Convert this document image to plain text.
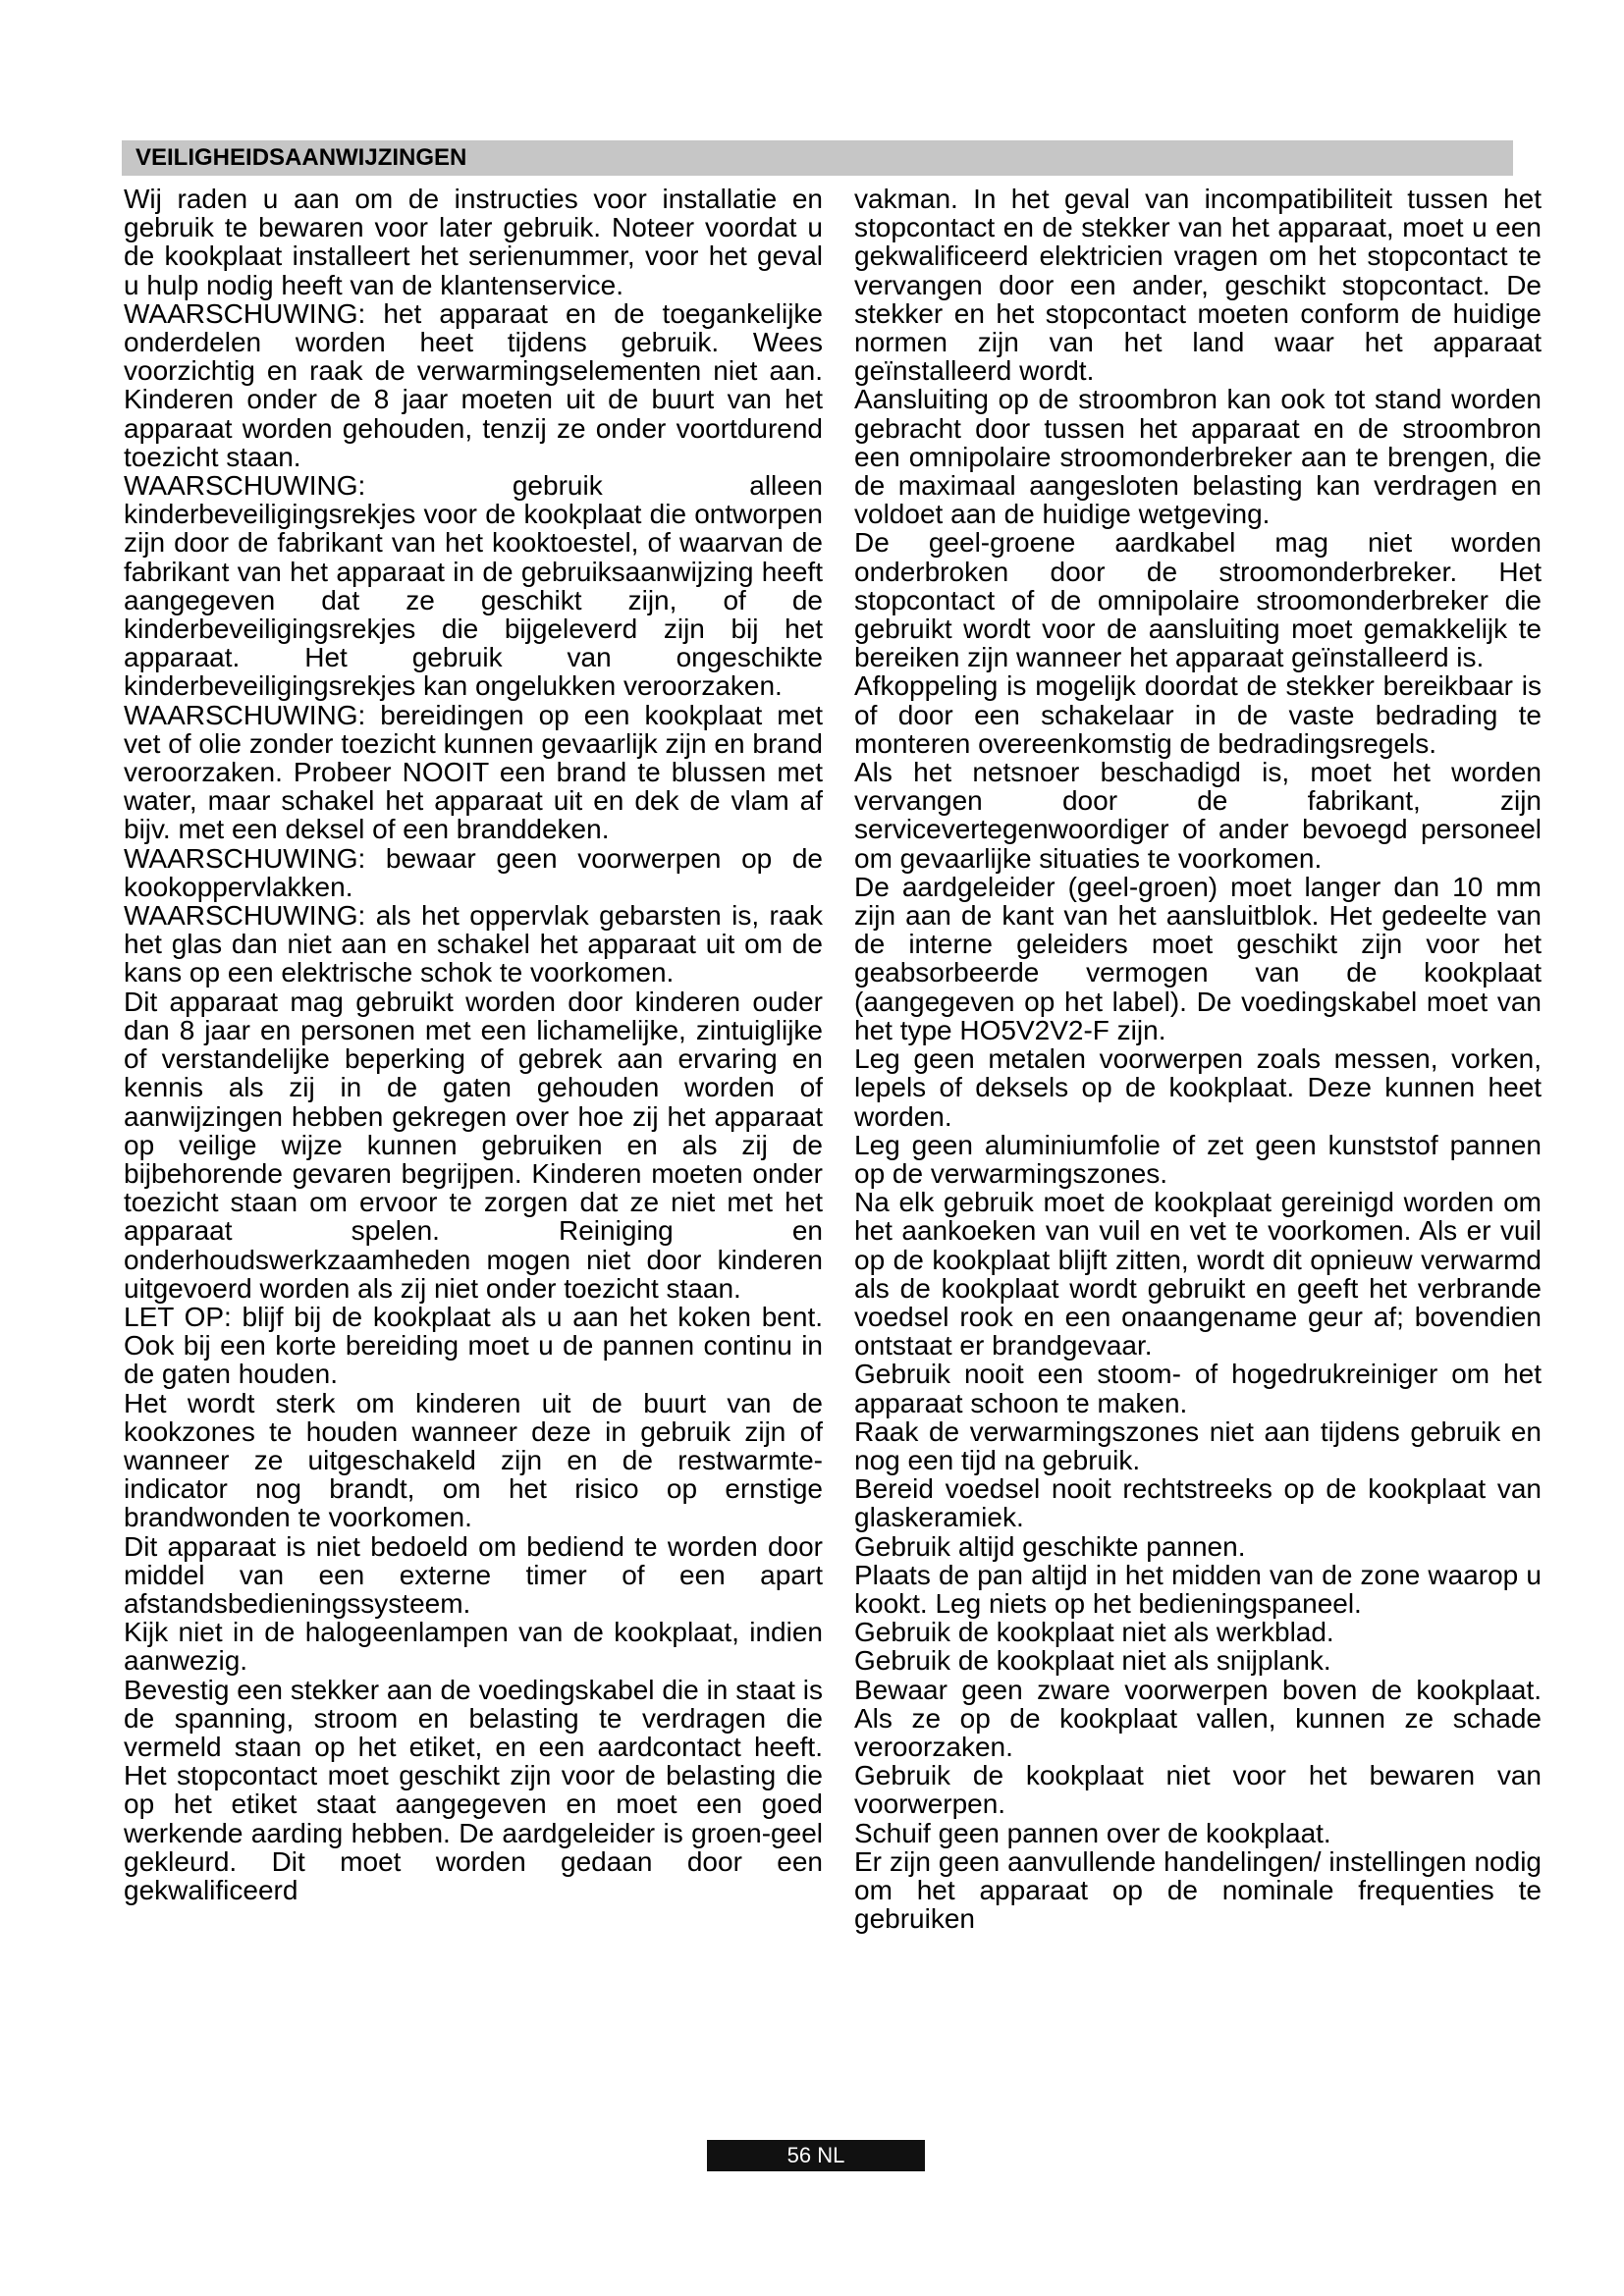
VEILIGHEIDSAANWIJZINGEN

Wij raden u aan om de instructies voor installatie en gebruik te bewaren voor later gebruik. Noteer voordat u de kookplaat installeert het serienummer, voor het geval u hulp nodig heeft van de klantenservice.

WAARSCHUWING: het apparaat en de toegankelijke onderdelen worden heet tijdens gebruik. Wees voorzichtig en raak de verwarmingselementen niet aan. Kinderen onder de 8 jaar moeten uit de buurt van het apparaat worden gehouden, tenzij ze onder voortdurend toezicht staan.

WAARSCHUWING: gebruik alleen kinderbeveiligingsrekjes voor de kookplaat die ontworpen zijn door de fabrikant van het kooktoestel, of waarvan de fabrikant van het apparaat in de gebruiksaanwijzing heeft aangegeven dat ze geschikt zijn, of de kinderbeveiligingsrekjes die bijgeleverd zijn bij het apparaat. Het gebruik van ongeschikte kinderbeveiligingsrekjes kan ongelukken veroorzaken.

WAARSCHUWING: bereidingen op een kookplaat met vet of olie zonder toezicht kunnen gevaarlijk zijn en brand veroorzaken. Probeer NOOIT een brand te blussen met water, maar schakel het apparaat uit en dek de vlam af bijv. met een deksel of een branddeken.

WAARSCHUWING: bewaar geen voorwerpen op de kookoppervlakken.

WAARSCHUWING: als het oppervlak gebarsten is, raak het glas dan niet aan en schakel het apparaat uit om de kans op een elektrische schok te voorkomen.

Dit apparaat mag gebruikt worden door kinderen ouder dan 8 jaar en personen met een lichamelijke, zintuiglijke of verstandelijke beperking of gebrek aan ervaring en kennis als zij in de gaten gehouden worden of aanwijzingen hebben gekregen over hoe zij het apparaat op veilige wijze kunnen gebruiken en als zij de bijbehorende gevaren begrijpen. Kinderen moeten onder toezicht staan om ervoor te zorgen dat ze niet met het apparaat spelen. Reiniging en onderhoudswerkzaamheden mogen niet door kinderen uitgevoerd worden als zij niet onder toezicht staan.

LET OP: blijf bij de kookplaat als u aan het koken bent. Ook bij een korte bereiding moet u de pannen continu in de gaten houden.

Het wordt sterk om kinderen uit de buurt van de kookzones te houden wanneer deze in gebruik zijn of wanneer ze uitgeschakeld zijn en de restwarmte-indicator nog brandt, om het risico op ernstige brandwonden te voorkomen.

Dit apparaat is niet bedoeld om bediend te worden door middel van een externe timer of een apart afstandsbedieningssysteem.

Kijk niet in de halogeenlampen van de kookplaat, indien aanwezig.

Bevestig een stekker aan de voedingskabel die in staat is de spanning, stroom en belasting te verdragen die vermeld staan op het etiket, en een aardcontact heeft. Het stopcontact moet geschikt zijn voor de belasting die op het etiket staat aangegeven en moet een goed werkende aarding hebben. De aardgeleider is groen-geel gekleurd. Dit moet worden gedaan door een gekwalificeerd

vakman. In het geval van incompatibiliteit tussen het stopcontact en de stekker van het apparaat, moet u een gekwalificeerd elektricien vragen om het stopcontact te vervangen door een ander, geschikt stopcontact. De stekker en het stopcontact moeten conform de huidige normen zijn van het land waar het apparaat geïnstalleerd wordt.

Aansluiting op de stroombron kan ook tot stand worden gebracht door tussen het apparaat en de stroombron een omnipolaire stroomonderbreker aan te brengen, die de maximaal aangesloten belasting kan verdragen en voldoet aan de huidige wetgeving.

De geel-groene aardkabel mag niet worden onderbroken door de stroomonderbreker. Het stopcontact of de omnipolaire stroomonderbreker die gebruikt wordt voor de aansluiting moet gemakkelijk te bereiken zijn wanneer het apparaat geïnstalleerd is.

Afkoppeling is mogelijk doordat de stekker bereikbaar is of door een schakelaar in de vaste bedrading te monteren overeenkomstig de bedradingsregels.

Als het netsnoer beschadigd is, moet het worden vervangen door de fabrikant, zijn servicevertegenwoordiger of ander bevoegd personeel om gevaarlijke situaties te voorkomen.

De aardgeleider (geel-groen) moet langer dan 10 mm zijn aan de kant van het aansluitblok. Het gedeelte van de interne geleiders moet geschikt zijn voor het geabsorbeerde vermogen van de kookplaat (aangegeven op het label). De voedingskabel moet van het type HO5V2V2-F zijn.

Leg geen metalen voorwerpen zoals messen, vorken, lepels of deksels op de kookplaat. Deze kunnen heet worden.

Leg geen aluminiumfolie of zet geen kunststof pannen op de verwarmingszones.

Na elk gebruik moet de kookplaat gereinigd worden om het aankoeken van vuil en vet te voorkomen. Als er vuil op de kookplaat blijft zitten, wordt dit opnieuw verwarmd als de kookplaat wordt gebruikt en geeft het verbrande voedsel rook en een onaangename geur af; bovendien ontstaat er brandgevaar.

Gebruik nooit een stoom- of hogedrukreiniger om het apparaat schoon te maken.

Raak de verwarmingszones niet aan tijdens gebruik en nog een tijd na gebruik.

Bereid voedsel nooit rechtstreeks op de kookplaat van glaskeramiek.

Gebruik altijd geschikte pannen.

Plaats de pan altijd in het midden van de zone waarop u kookt. Leg niets op het bedieningspaneel.

Gebruik de kookplaat niet als werkblad.

Gebruik de kookplaat niet als snijplank.

Bewaar geen zware voorwerpen boven de kookplaat. Als ze op de kookplaat vallen, kunnen ze schade veroorzaken.

Gebruik de kookplaat niet voor het bewaren van voorwerpen.

Schuif geen pannen over de kookplaat.

Er zijn geen aanvullende handelingen/ instellingen nodig om het apparaat op de nominale frequenties te gebruiken

56 NL
